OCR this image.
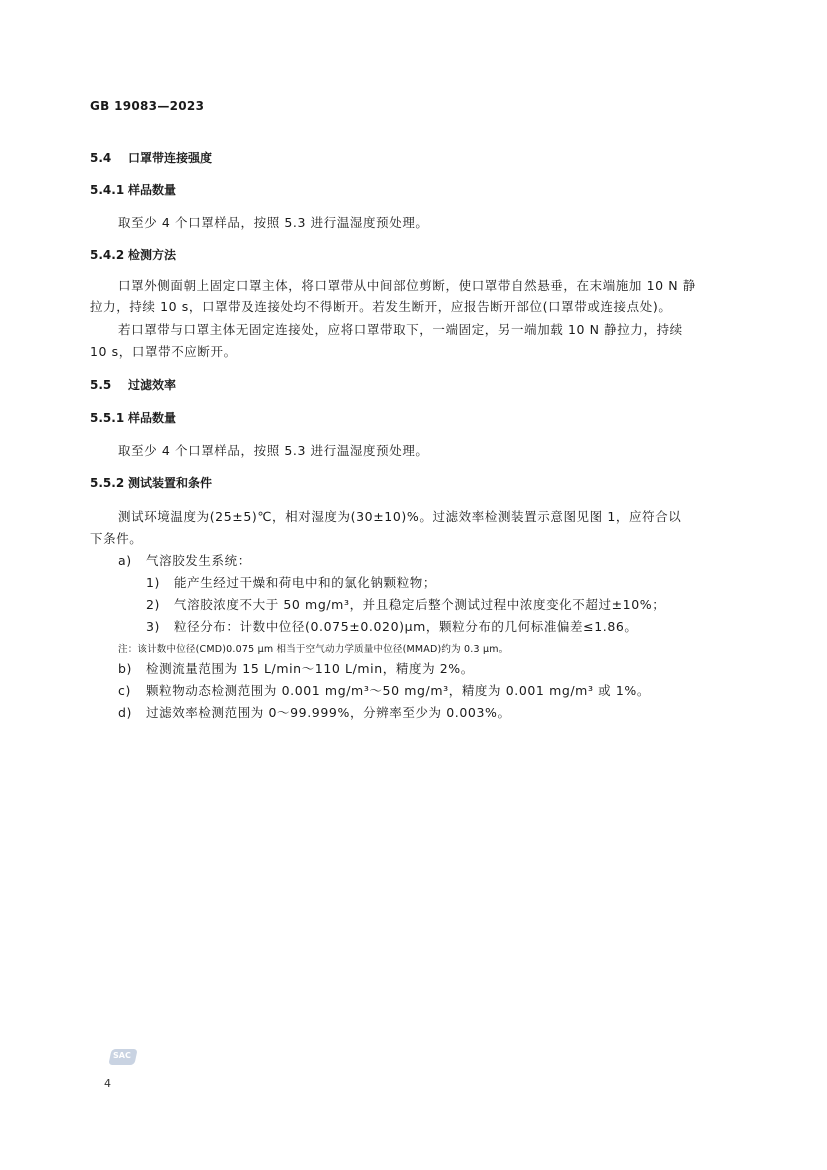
GB 19083—2023
5.4 口罩带连接强度
5.4.1 样品数量
取至少 4 个口罩样品，按照 5.3 进行温湿度预处理。
5.4.2 检测方法
口罩外侧面朝上固定口罩主体，将口罩带从中间部位剪断，使口罩带自然悬垂，在末端施加 10 N 静
拉力，持续 10 s，口罩带及连接处均不得断开。若发生断开，应报告断开部位(口罩带或连接点处)。
若口罩带与口罩主体无固定连接处，应将口罩带取下，一端固定，另一端加载 10 N 静拉力，持续
10 s，口罩带不应断开。
5.5 过滤效率
5.5.1 样品数量
取至少 4 个口罩样品，按照 5.3 进行温湿度预处理。
5.5.2 测试装置和条件
测试环境温度为(25±5)℃，相对湿度为(30±10)%。过滤效率检测装置示意图见图 1，应符合以
下条件。
a) 气溶胶发生系统：
1) 能产生经过干燥和荷电中和的氯化钠颗粒物；
2) 气溶胶浓度不大于 50 mg/m³，并且稳定后整个测试过程中浓度变化不超过±10%；
3) 粒径分布：计数中位径(0.075±0.020)μm，颗粒分布的几何标准偏差≤1.86。
注：该计数中位径(CMD)0.075 μm 相当于空气动力学质量中位径(MMAD)约为 0.3 μm。
b) 检测流量范围为 15 L/min～110 L/min，精度为 2%。
c) 颗粒物动态检测范围为 0.001 mg/m³～50 mg/m³，精度为 0.001 mg/m³ 或 1%。
d) 过滤效率检测范围为 0～99.999%，分辨率至少为 0.003%。
SAC
4
